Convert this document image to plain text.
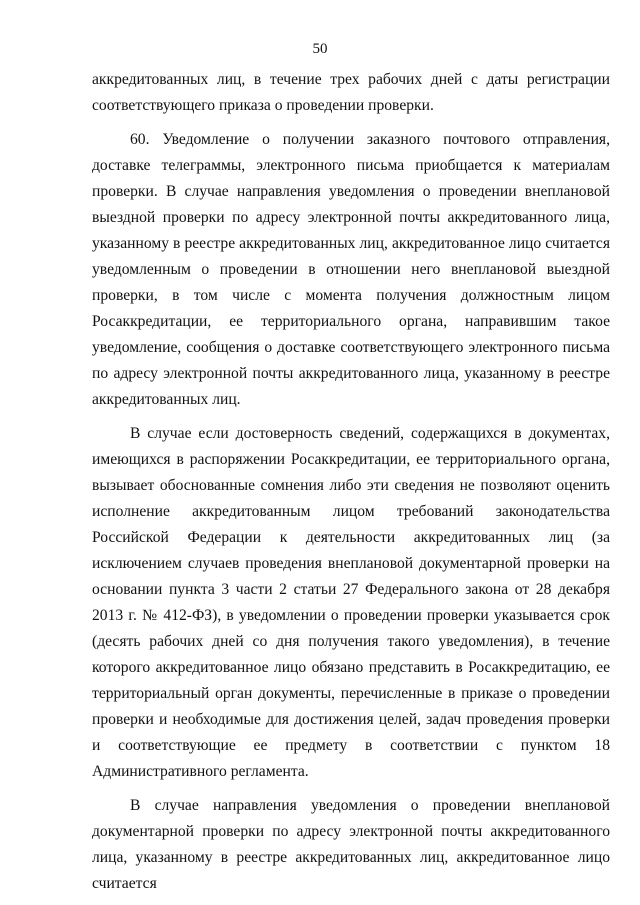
50

аккредитованных лиц, в течение трех рабочих дней с даты регистрации соответствующего приказа о проведении проверки.

60. Уведомление о получении заказного почтового отправления, доставке телеграммы, электронного письма приобщается к материалам проверки. В случае направления уведомления о проведении внеплановой выездной проверки по адресу электронной почты аккредитованного лица, указанному в реестре аккредитованных лиц, аккредитованное лицо считается уведомленным о проведении в отношении него внеплановой выездной проверки, в том числе с момента получения должностным лицом Росаккредитации, ее территориального органа, направившим такое уведомление, сообщения о доставке соответствующего электронного письма по адресу электронной почты аккредитованного лица, указанному в реестре аккредитованных лиц.

В случае если достоверность сведений, содержащихся в документах, имеющихся в распоряжении Росаккредитации, ее территориального органа, вызывает обоснованные сомнения либо эти сведения не позволяют оценить исполнение аккредитованным лицом требований законодательства Российской Федерации к деятельности аккредитованных лиц (за исключением случаев проведения внеплановой документарной проверки на основании пункта 3 части 2 статьи 27 Федерального закона от 28 декабря 2013 г. № 412-ФЗ), в уведомлении о проведении проверки указывается срок (десять рабочих дней со дня получения такого уведомления), в течение которого аккредитованное лицо обязано представить в Росаккредитацию, ее территориальный орган документы, перечисленные в приказе о проведении проверки и необходимые для достижения целей, задач проведения проверки и соответствующие ее предмету в соответствии с пунктом 18 Административного регламента.

В случае направления уведомления о проведении внеплановой документарной проверки по адресу электронной почты аккредитованного лица, указанному в реестре аккредитованных лиц, аккредитованное лицо считается
